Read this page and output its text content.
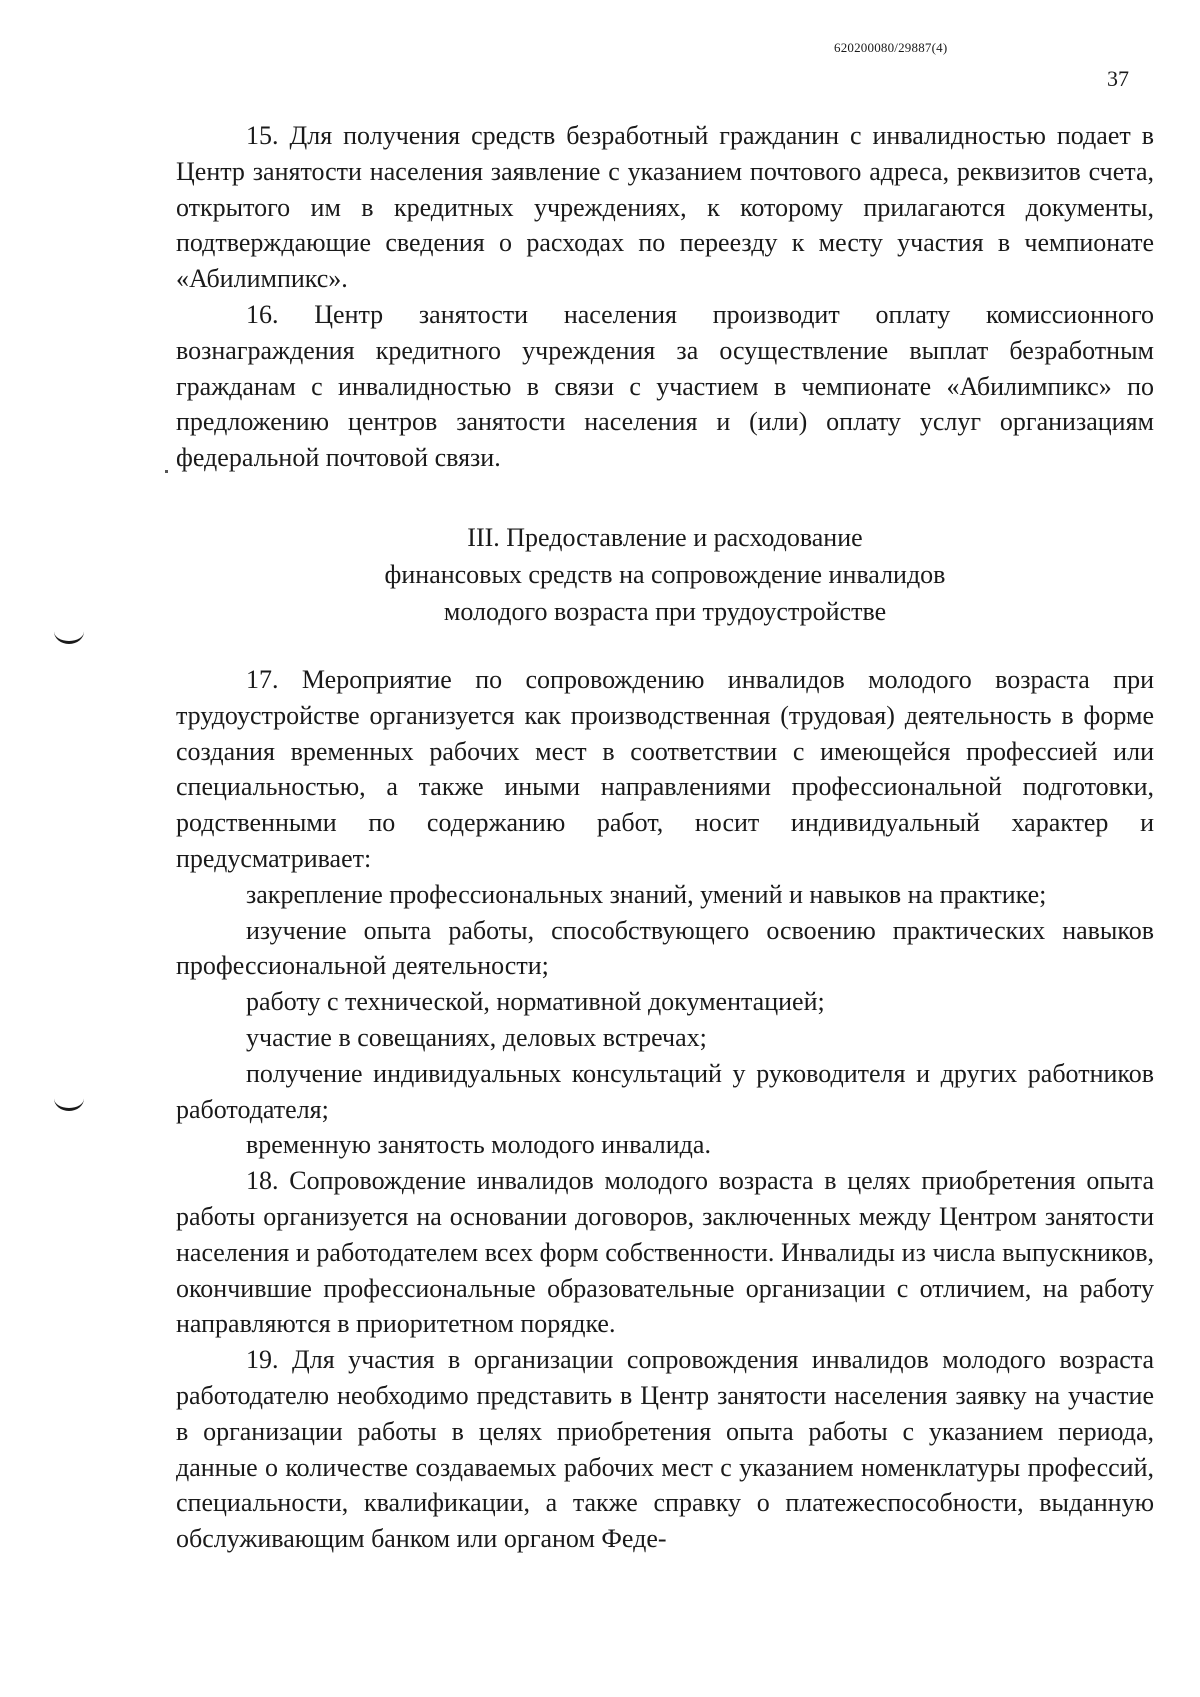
620200080/29887(4)
37

15. Для получения средств безработный гражданин с инвалидностью подает в Центр занятости населения заявление с указанием почтового адреса, реквизитов счета, открытого им в кредитных учреждениях, к которому прилагаются документы, подтверждающие сведения о расходах по переезду к месту участия в чемпионате «Абилимпикс».

16. Центр занятости населения производит оплату комиссионного вознаграждения кредитного учреждения за осуществление выплат безработным гражданам с инвалидностью в связи с участием в чемпионате «Абилимпикс» по предложению центров занятости населения и (или) оплату услуг организациям федеральной почтовой связи.

III. Предоставление и расходование
финансовых средств на сопровождение инвалидов
молодого возраста при трудоустройстве

17. Мероприятие по сопровождению инвалидов молодого возраста при трудоустройстве организуется как производственная (трудовая) деятельность в форме создания временных рабочих мест в соответствии с имеющейся профессией или специальностью, а также иными направлениями профессиональной подготовки, родственными по содержанию работ, носит индивидуальный характер и предусматривает:

закрепление профессиональных знаний, умений и навыков на практике;

изучение опыта работы, способствующего освоению практических навыков профессиональной деятельности;

работу с технической, нормативной документацией;

участие в совещаниях, деловых встречах;

получение индивидуальных консультаций у руководителя и других работников работодателя;

временную занятость молодого инвалида.

18. Сопровождение инвалидов молодого возраста в целях приобретения опыта работы организуется на основании договоров, заключенных между Центром занятости населения и работодателем всех форм собственности. Инвалиды из числа выпускников, окончившие профессиональные образовательные организации с отличием, на работу направляются в приоритетном порядке.

19. Для участия в организации сопровождения инвалидов молодого возраста работодателю необходимо представить в Центр занятости населения заявку на участие в организации работы в целях приобретения опыта работы с указанием периода, данные о количестве создаваемых рабочих мест с указанием номенклатуры профессий, специальности, квалификации, а также справку о платежеспособности, выданную обслуживающим банком или органом Феде-
